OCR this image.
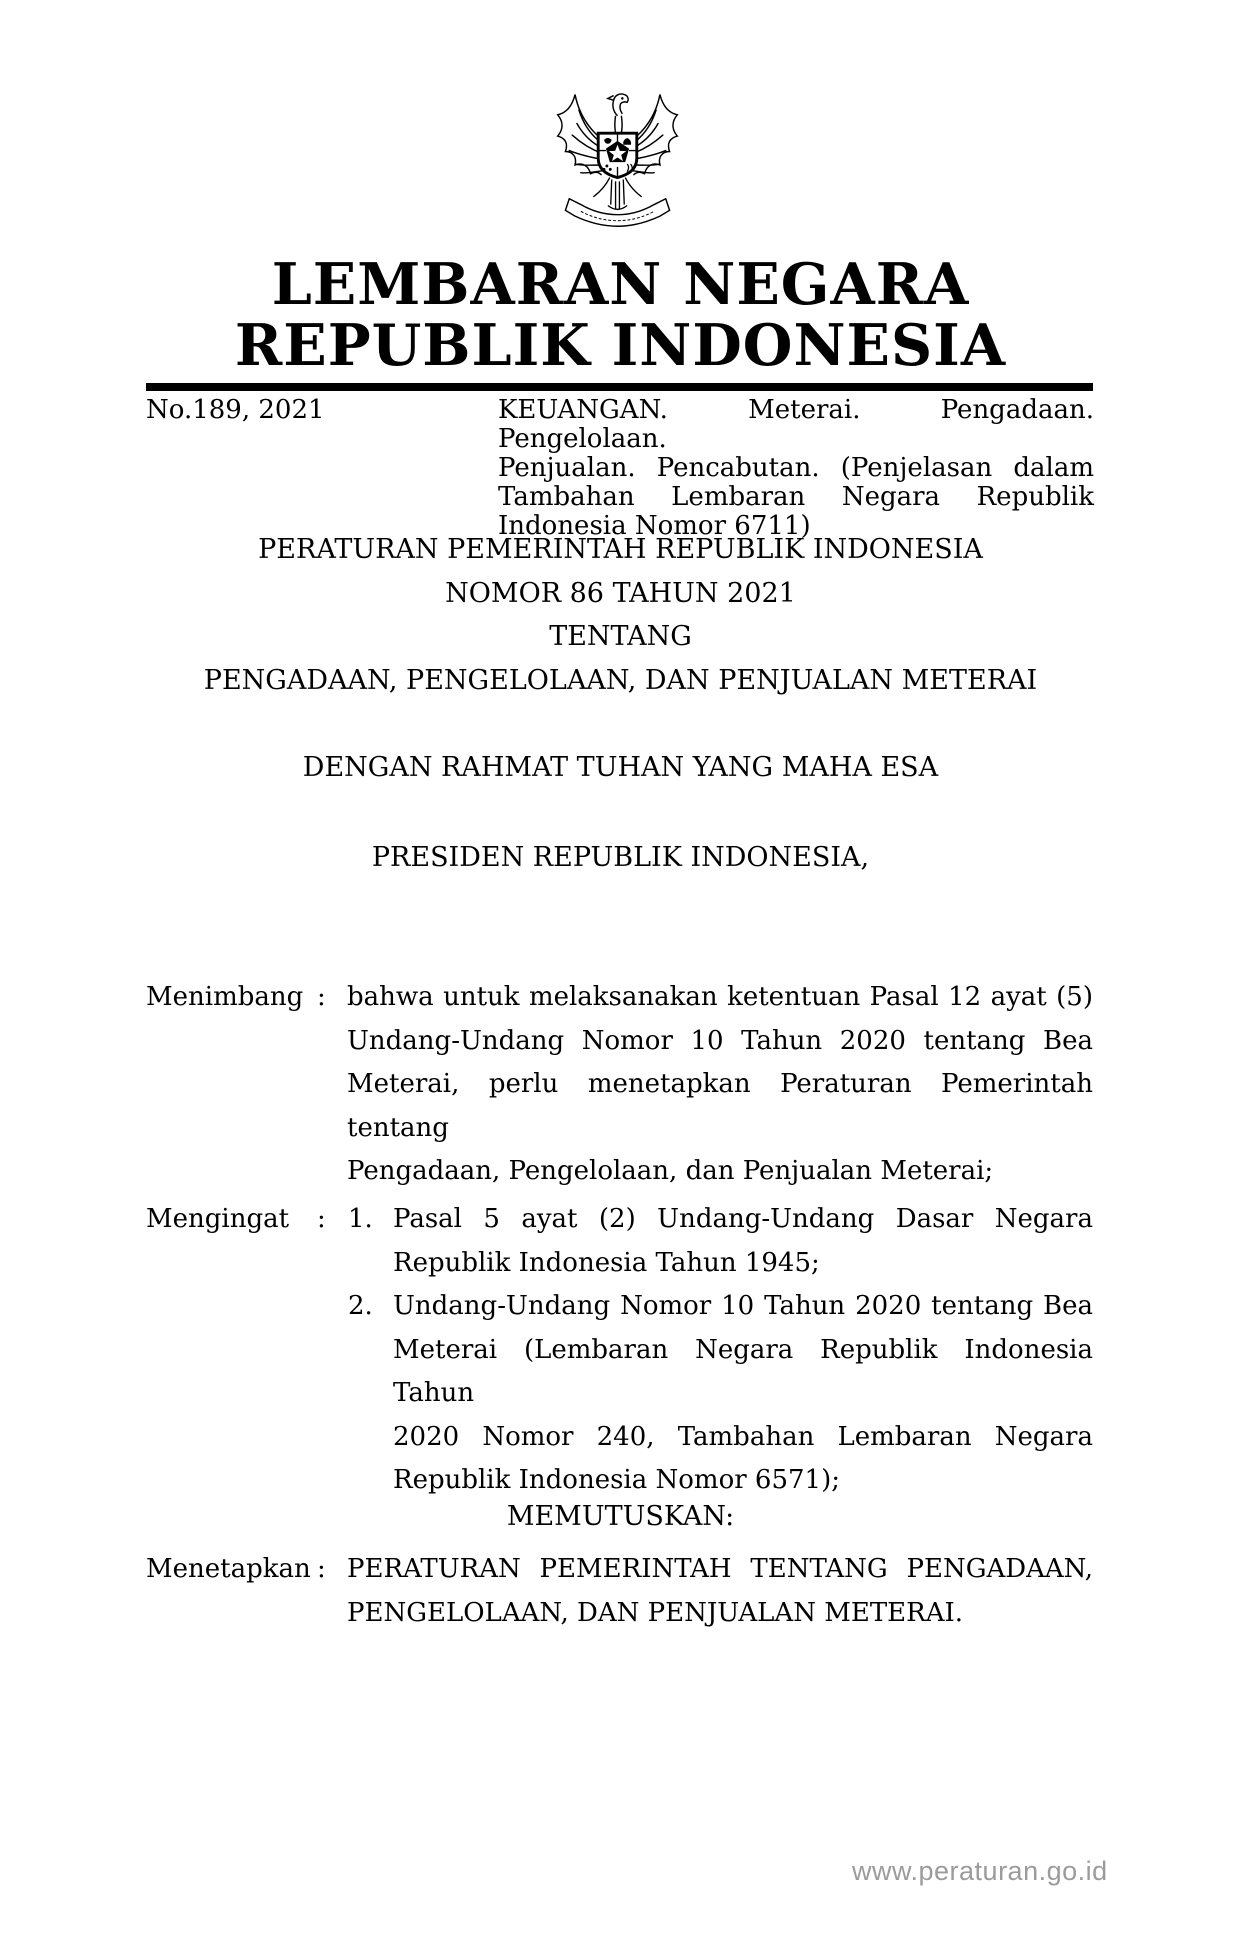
LEMBARAN NEGARA
REPUBLIK INDONESIA
No.189, 2021	KEUANGAN. Meterai. Pengadaan. Pengelolaan.
Penjualan. Pencabutan. (Penjelasan dalam
Tambahan Lembaran Negara Republik
Indonesia Nomor 6711)
PERATURAN PEMERINTAH REPUBLIK INDONESIA
NOMOR 86 TAHUN 2021
TENTANG
PENGADAAN, PENGELOLAAN, DAN PENJUALAN METERAI
DENGAN RAHMAT TUHAN YANG MAHA ESA
PRESIDEN REPUBLIK INDONESIA,
Menimbang : bahwa untuk melaksanakan ketentuan Pasal 12 ayat (5)
Undang-Undang Nomor 10 Tahun 2020 tentang Bea
Meterai, perlu menetapkan Peraturan Pemerintah tentang
Pengadaan, Pengelolaan, dan Penjualan Meterai;
Mengingat : 1. Pasal 5 ayat (2) Undang-Undang Dasar Negara
Republik Indonesia Tahun 1945;
2. Undang-Undang Nomor 10 Tahun 2020 tentang Bea
Meterai (Lembaran Negara Republik Indonesia Tahun
2020 Nomor 240, Tambahan Lembaran Negara
Republik Indonesia Nomor 6571);
MEMUTUSKAN:
Menetapkan : PERATURAN PEMERINTAH TENTANG PENGADAAN,
PENGELOLAAN, DAN PENJUALAN METERAI.
www.peraturan.go.id
